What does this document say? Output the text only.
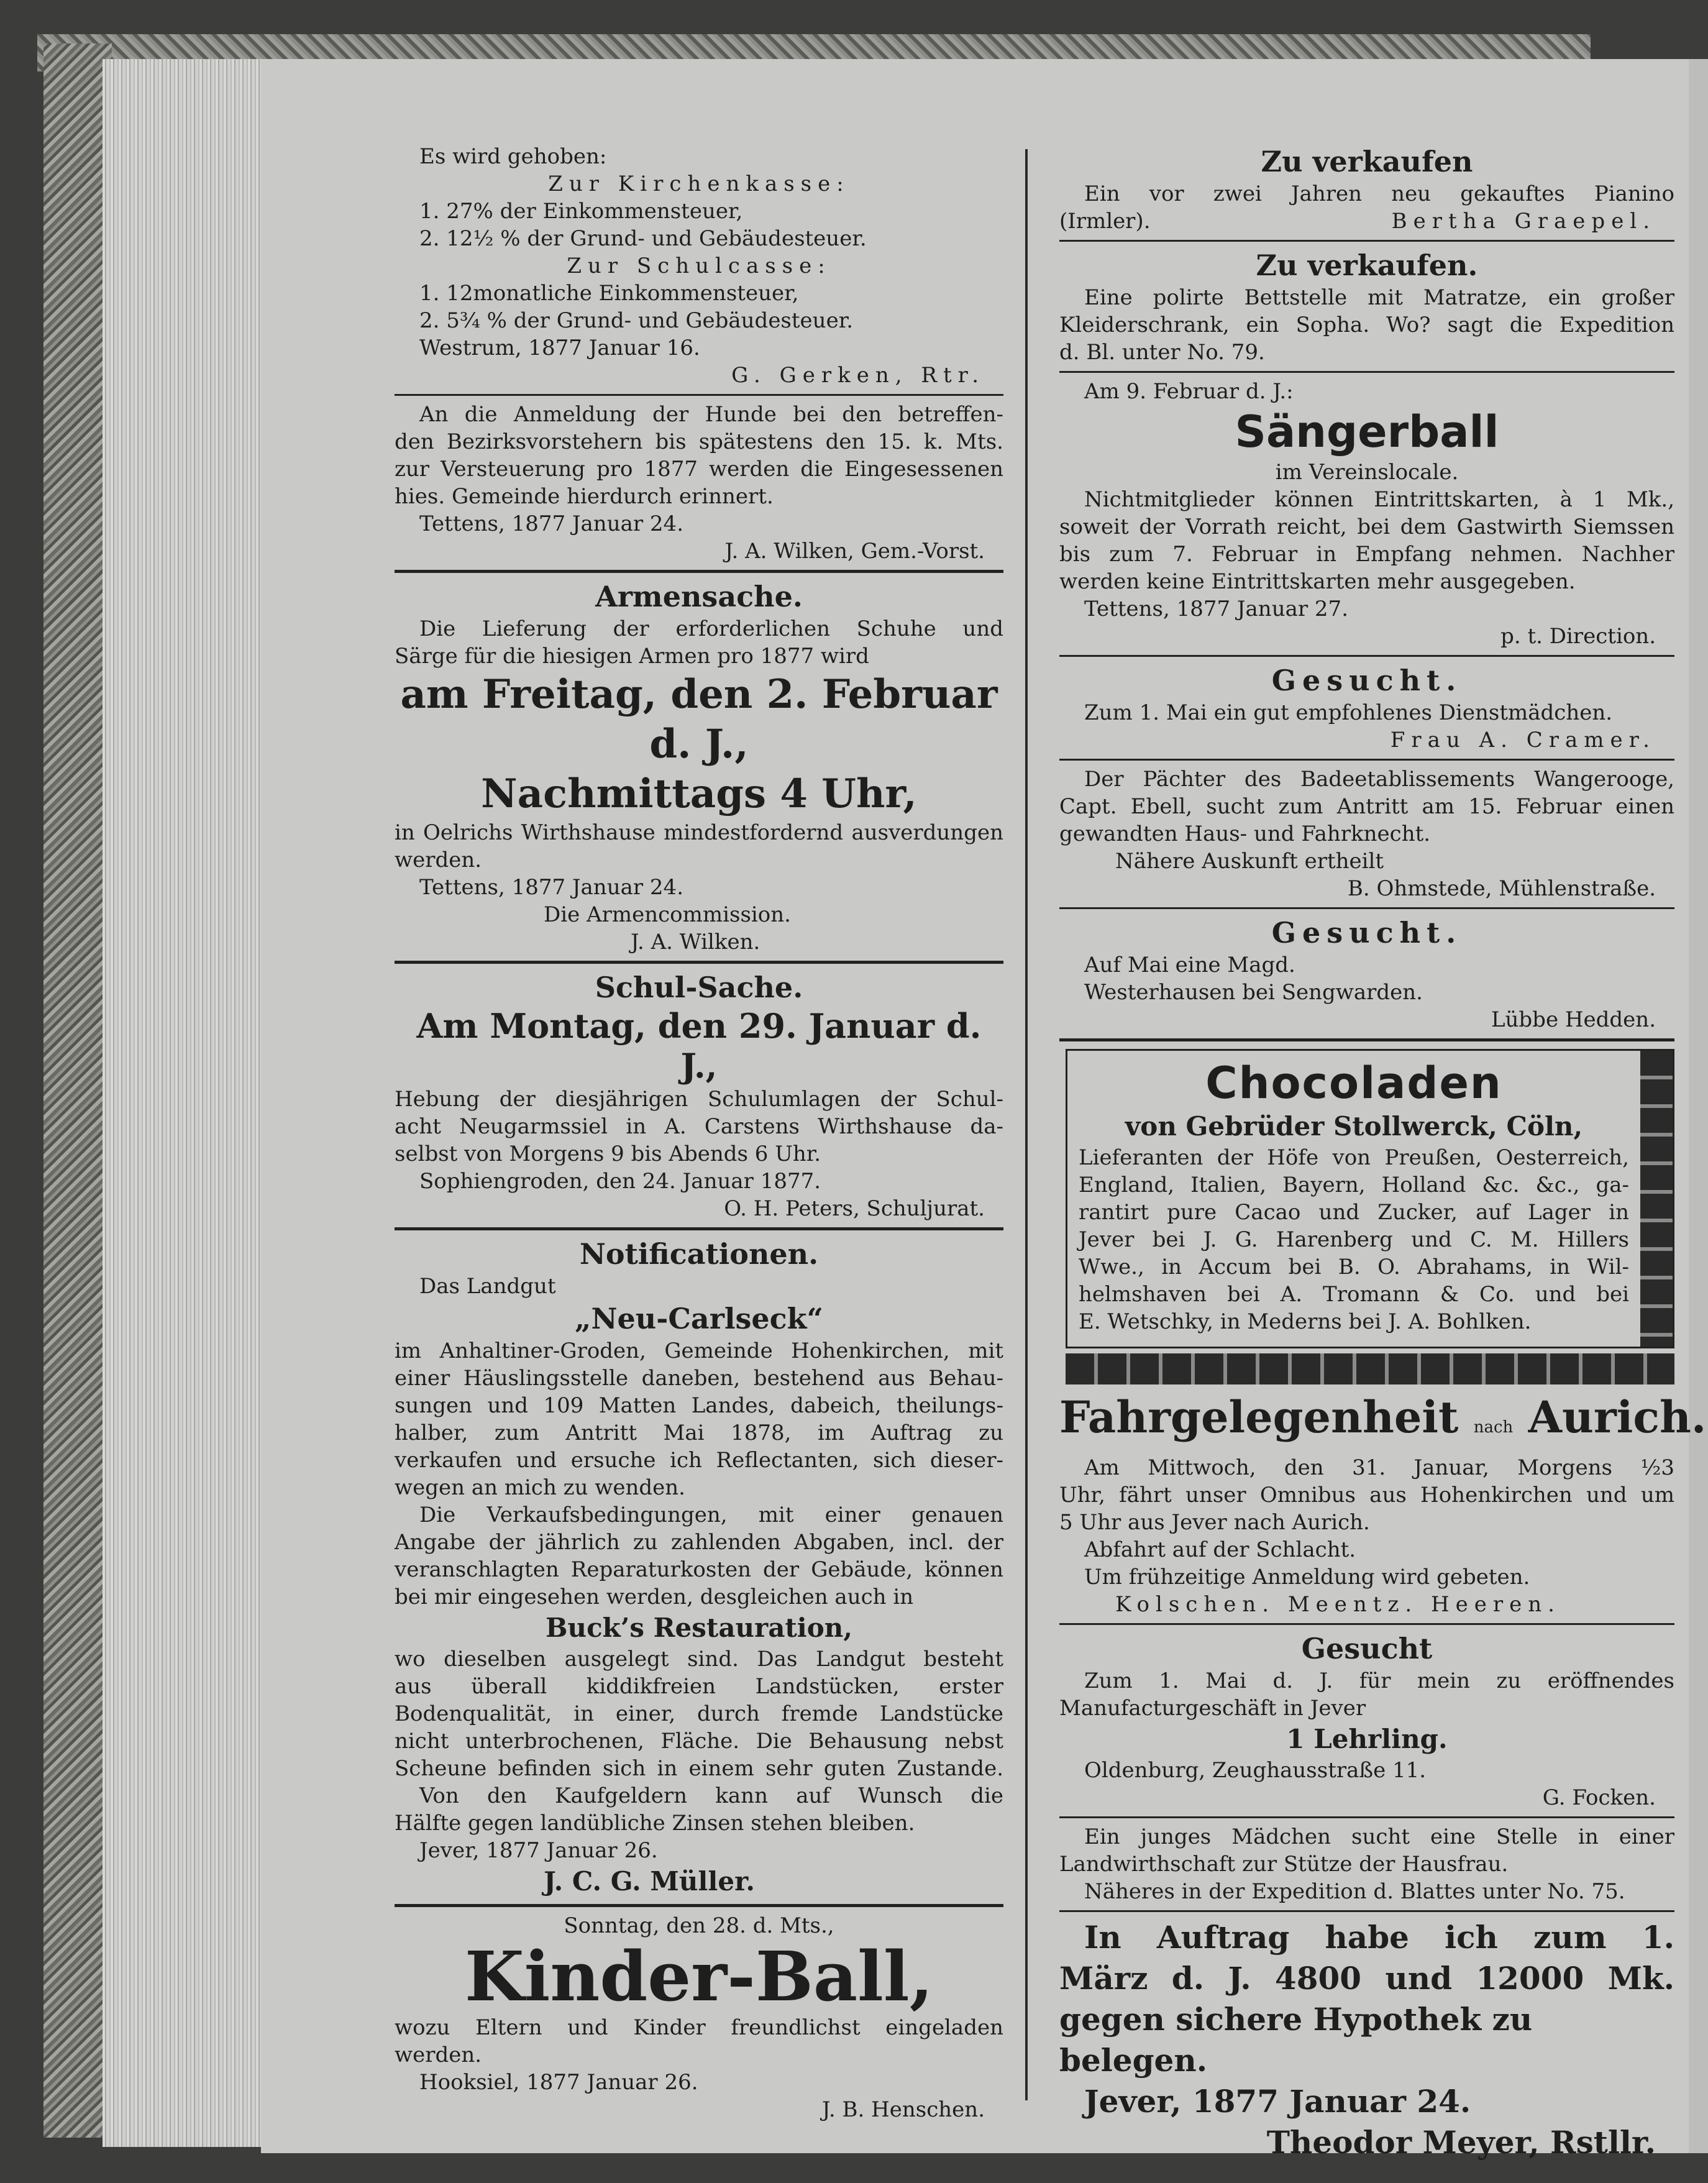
Es wird gehoben:
Zur Kirchenkasse:
1. 27% der Einkommensteuer,
2. 12½ % der Grund- und Gebäudesteuer.
Zur Schulcasse:
1. 12monatliche Einkommensteuer,
2. 5¾ % der Grund- und Gebäudesteuer.
Westrum, 1877 Januar 16.
G. Gerken, Rtr.
An die Anmeldung der Hunde bei den betreffen-
den Bezirksvorstehern bis spätestens den 15. k. Mts.
zur Versteuerung pro 1877 werden die Eingesessenen
hies. Gemeinde hierdurch erinnert.
Tettens, 1877 Januar 24.
J. A. Wilken, Gem.-Vorst.
Armensache.
Die Lieferung der erforderlichen Schuhe und
Särge für die hiesigen Armen pro 1877 wird
am Freitag, den 2. Februar d. J.,
Nachmittags 4 Uhr,
in Oelrichs Wirthshause mindestfordernd ausverdungen
werden.
Tettens, 1877 Januar 24.
Die Armencommission.
J. A. Wilken.
Schul-Sache.
Am Montag, den 29. Januar d. J.,
Hebung der diesjährigen Schulumlagen der Schul-
acht Neugarmssiel in A. Carstens Wirthshause da-
selbst von Morgens 9 bis Abends 6 Uhr.
Sophiengroden, den 24. Januar 1877.
O. H. Peters, Schuljurat.
Notificationen.
Das Landgut
„Neu-Carlseck“
im Anhaltiner-Groden, Gemeinde Hohenkirchen, mit
einer Häuslingsstelle daneben, bestehend aus Behau-
sungen und 109 Matten Landes, dabeich, theilungs-
halber, zum Antritt Mai 1878, im Auftrag zu
verkaufen und ersuche ich Reflectanten, sich dieser-
wegen an mich zu wenden.
Die Verkaufsbedingungen, mit einer genauen
Angabe der jährlich zu zahlenden Abgaben, incl. der
veranschlagten Reparaturkosten der Gebäude, können
bei mir eingesehen werden, desgleichen auch in
Buck’s Restauration,
wo dieselben ausgelegt sind. Das Landgut besteht
aus überall kiddikfreien Landstücken, erster
Bodenqualität, in einer, durch fremde Landstücke
nicht unterbrochenen, Fläche. Die Behausung nebst
Scheune befinden sich in einem sehr guten Zustande.
Von den Kaufgeldern kann auf Wunsch die
Hälfte gegen landübliche Zinsen stehen bleiben.
Jever, 1877 Januar 26.
J. C. G. Müller.
Sonntag, den 28. d. Mts.,
Kinder-Ball,
wozu Eltern und Kinder freundlichst eingeladen
werden.
Hooksiel, 1877 Januar 26.
J. B. Henschen.
Zu verkaufen
Ein vor zwei Jahren neu gekauftes Pianino
(Irmler).	Bertha Graepel.
Zu verkaufen.
Eine polirte Bettstelle mit Matratze, ein großer
Kleiderschrank, ein Sopha. Wo? sagt die Expedition
d. Bl. unter No. 79.
Am 9. Februar d. J.:
Sängerball
im Vereinslocale.
Nichtmitglieder können Eintrittskarten, à 1 Mk.,
soweit der Vorrath reicht, bei dem Gastwirth Siemssen
bis zum 7. Februar in Empfang nehmen. Nachher
werden keine Eintrittskarten mehr ausgegeben.
Tettens, 1877 Januar 27.
p. t. Direction.
Gesucht.
Zum 1. Mai ein gut empfohlenes Dienstmädchen.
Frau A. Cramer.
Der Pächter des Badeetablissements Wangerooge,
Capt. Ebell, sucht zum Antritt am 15. Februar einen
gewandten Haus- und Fahrknecht.
Nähere Auskunft ertheilt
B. Ohmstede, Mühlenstraße.
Gesucht.
Auf Mai eine Magd.
Westerhausen bei Sengwarden.
Lübbe Hedden.
Chocoladen
von Gebrüder Stollwerck, Cöln,
Lieferanten der Höfe von Preußen, Oesterreich,
England, Italien, Bayern, Holland &c. &c., ga-
rantirt pure Cacao und Zucker, auf Lager in
Jever bei J. G. Harenberg und C. M. Hillers
Wwe., in Accum bei B. O. Abrahams, in Wil-
helmshaven bei A. Tromann & Co. und bei
E. Wetschky, in Mederns bei J. A. Bohlken.
Fahrgelegenheit nach Aurich.
Am Mittwoch, den 31. Januar, Morgens ½3
Uhr, fährt unser Omnibus aus Hohenkirchen und um
5 Uhr aus Jever nach Aurich.
Abfahrt auf der Schlacht.
Um frühzeitige Anmeldung wird gebeten.
Kolschen. Meentz. Heeren.
Gesucht
Zum 1. Mai d. J. für mein zu eröffnendes
Manufacturgeschäft in Jever
1 Lehrling.
Oldenburg, Zeughausstraße 11.
G. Focken.
Ein junges Mädchen sucht eine Stelle in einer
Landwirthschaft zur Stütze der Hausfrau.
Näheres in der Expedition d. Blattes unter No. 75.
In Auftrag habe ich zum 1.
März d. J. 4800 und 12000 Mk.
gegen sichere Hypothek zu belegen.
Jever, 1877 Januar 24.
Theodor Meyer, Rstllr.
